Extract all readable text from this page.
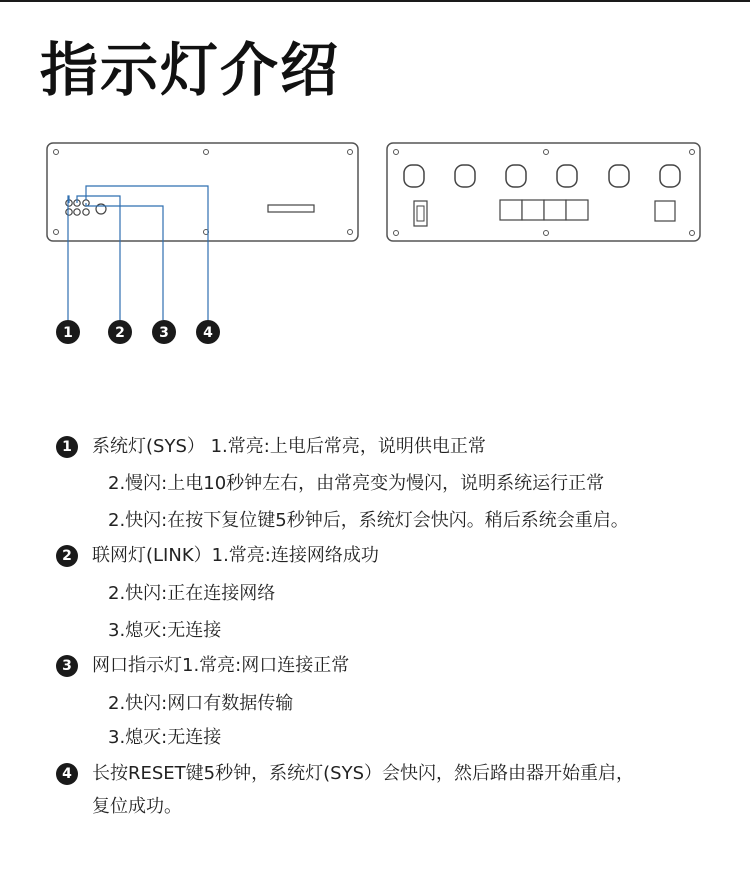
指示灯介绍
1	2 3 4
1	系统灯(SYS） 1.常亮:上电后常亮，说明供电正常
2.慢闪:上电10秒钟左右，由常亮变为慢闪，说明系统运行正常
2.快闪:在按下复位键5秒钟后，系统灯会快闪。稍后系统会重启。
2	联网灯(LINK）1.常亮:连接网络成功
2.快闪:正在连接网络
3.熄灭:无连接
3	网口指示灯1.常亮:网口连接正常
2.快闪:网口有数据传输
3.熄灭:无连接
4	长按RESET键5秒钟，系统灯(SYS）会快闪，然后路由器开始重启，
复位成功。
